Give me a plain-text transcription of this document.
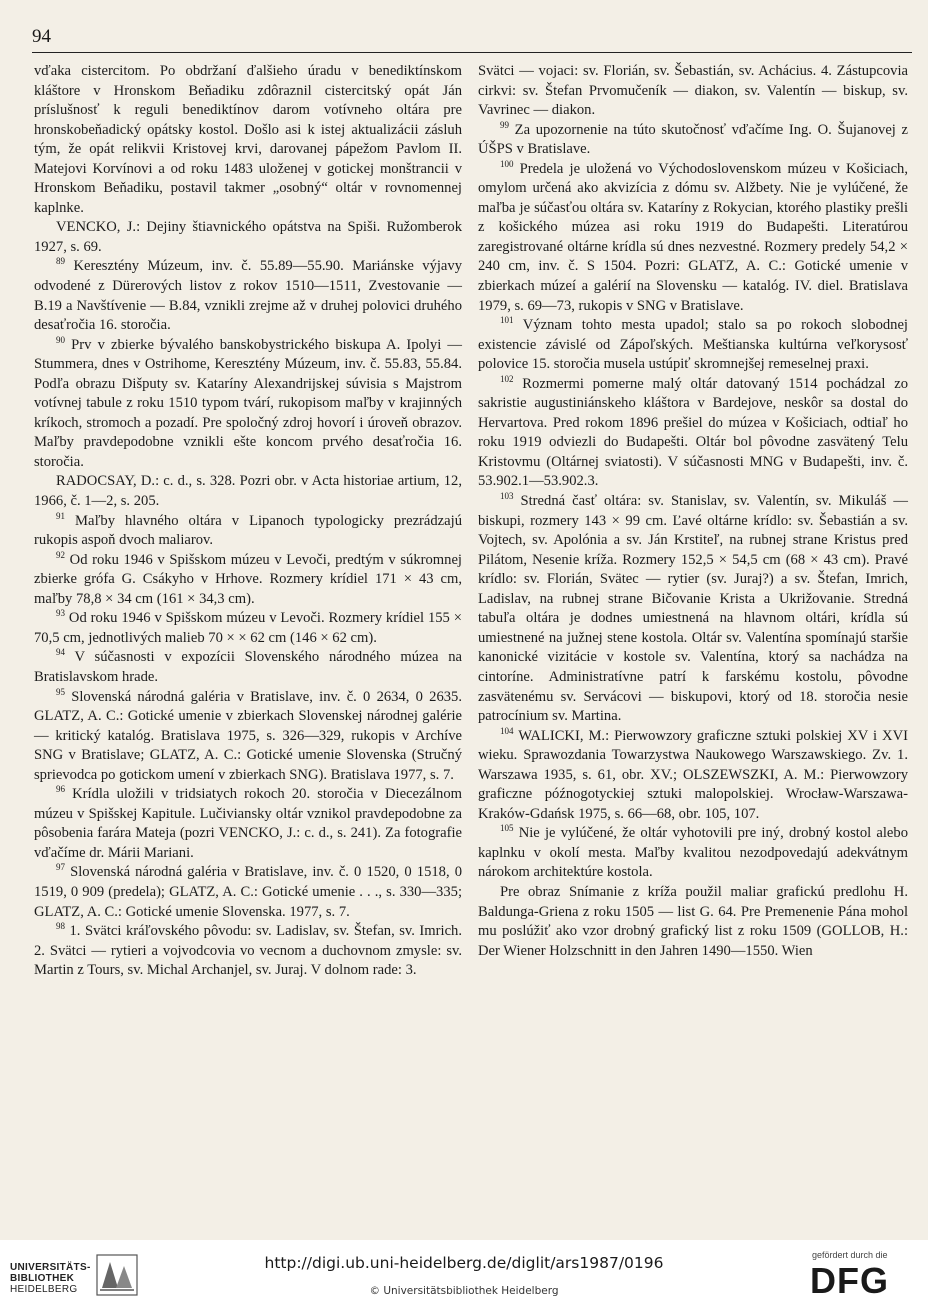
94

vďaka cistercitom. Po obdržaní ďalšieho úradu v benediktínskom kláštore v Hronskom Beňadiku zdôraznil cistercitský opát Ján príslušnosť k reguli benediktínov darom votívneho oltára pre hronskobeňadický opátsky kostol. Došlo asi k istej aktualizácii zásluh tým, že opát relikvii Kristovej krvi, darovanej pápežom Pavlom II. Matejovi Korvínovi a od roku 1483 uloženej v gotickej monštrancii v Hronskom Beňadiku, postavil takmer „osobný“ oltár v rovnomennej kaplnke.

VENCKO, J.: Dejiny štiavnického opátstva na Spiši. Ružomberok 1927, s. 69.

$^{89}$ Keresztény Múzeum, inv. č. 55.89—55.90. Mariánske výjavy odvodené z Dürerových listov z rokov 1510—1511, Zvestovanie — B.19 a Navštívenie — B.84, vznikli zrejme až v druhej polovici druhého desaťročia 16. storočia.

$^{90}$ Prv v zbierke bývalého banskobystrického biskupa A. Ipolyi — Stummera, dnes v Ostrihome, Keresztény Múzeum, inv. č. 55.83, 55.84. Podľa obrazu Dišputy sv. Kataríny Alexandrijskej súvisia s Majstrom votívnej tabule z roku 1510 typom tvárí, rukopisom maľby v krajinných kríkoch, stromoch a pozadí. Pre spoločný zdroj hovorí i úroveň obrazov. Maľby pravdepodobne vznikli ešte koncom prvého desaťročia 16. storočia.

RADOCSAY, D.: c. d., s. 328. Pozri obr. v Acta historiae artium, 12, 1966, č. 1—2, s. 205.

$^{91}$ Maľby hlavného oltára v Lipanoch typologicky prezrádzajú rukopis aspoň dvoch maliarov.

$^{92}$ Od roku 1946 v Spišskom múzeu v Levoči, predtým v súkromnej zbierke grófa G. Csákyho v Hrhove. Rozmery krídiel 171 × 43 cm, maľby 78,8 × 34 cm (161 × 34,3 cm).

$^{93}$ Od roku 1946 v Spišskom múzeu v Levoči. Rozmery krídiel 155 × 70,5 cm, jednotlivých malieb 70 × × 62 cm (146 × 62 cm).

$^{94}$ V súčasnosti v expozícii Slovenského národného múzea na Bratislavskom hrade.

$^{95}$ Slovenská národná galéria v Bratislave, inv. č. 0 2634, 0 2635. GLATZ, A. C.: Gotické umenie v zbierkach Slovenskej národnej galérie — kritický katalóg. Bratislava 1975, s. 326—329, rukopis v Archíve SNG v Bratislave; GLATZ, A. C.: Gotické umenie Slovenska (Stručný sprievodca po gotickom umení v zbierkach SNG). Bratislava 1977, s. 7.

$^{96}$ Krídla uložili v tridsiatych rokoch 20. storočia v Diecezálnom múzeu v Spišskej Kapitule. Lučiviansky oltár vznikol pravdepodobne za pôsobenia farára Mateja (pozri VENCKO, J.: c. d., s. 241). Za fotografie vďačíme dr. Márii Mariani.

$^{97}$ Slovenská národná galéria v Bratislave, inv. č. 0 1520, 0 1518, 0 1519, 0 909 (predela); GLATZ, A. C.: Gotické umenie . . ., s. 330—335; GLATZ, A. C.: Gotické umenie Slovenska. 1977, s. 7.

$^{98}$ 1. Svätci kráľovského pôvodu: sv. Ladislav, sv. Štefan, sv. Imrich. 2. Svätci — rytieri a vojvodcovia vo vecnom a duchovnom zmysle: sv. Martin z Tours, sv. Michal Archanjel, sv. Juraj. V dolnom rade: 3.

Svätci — vojaci: sv. Florián, sv. Šebastián, sv. Achácius. 4. Zástupcovia cirkvi: sv. Štefan Prvomučeník — diakon, sv. Valentín — biskup, sv. Vavrinec — diakon.

$^{99}$ Za upozornenie na túto skutočnosť vďačíme Ing. O. Šujanovej z ÚŠPS v Bratislave.

$^{100}$ Predela je uložená vo Východoslovenskom múzeu v Košiciach, omylom určená ako akvizícia z dómu sv. Alžbety. Nie je vylúčené, že maľba je súčasťou oltára sv. Kataríny z Rokycian, ktorého plastiky prešli z košického múzea asi roku 1919 do Budapešti. Literatúrou zaregistrované oltárne krídla sú dnes nezvestné. Rozmery predely 54,2 × 240 cm, inv. č. S 1504. Pozri: GLATZ, A. C.: Gotické umenie v zbierkach múzeí a galérií na Slovensku — katalóg. IV. diel. Bratislava 1979, s. 69—73, rukopis v SNG v Bratislave.

$^{101}$ Význam tohto mesta upadol; stalo sa po rokoch slobodnej existencie závislé od Zápoľských. Meštianska kultúrna veľkorysosť polovice 15. storočia musela ustúpiť skromnejšej remeselnej praxi.

$^{102}$ Rozmermi pomerne malý oltár datovaný 1514 pochádzal zo sakristie augustiniánskeho kláštora v Bardejove, neskôr sa dostal do Hervartova. Pred rokom 1896 prešiel do múzea v Košiciach, odtiaľ ho roku 1919 odviezli do Budapešti. Oltár bol pôvodne zasvätený Telu Kristovmu (Oltárnej sviatosti). V súčasnosti MNG v Budapešti, inv. č. 53.902.1—53.902.3.

$^{103}$ Stredná časť oltára: sv. Stanislav, sv. Valentín, sv. Mikuláš — biskupi, rozmery 143 × 99 cm. Ľavé oltárne krídlo: sv. Šebastián a sv. Vojtech, sv. Apolónia a sv. Ján Krstiteľ, na rubnej strane Kristus pred Pilátom, Nesenie kríža. Rozmery 152,5 × 54,5 cm (68 × 43 cm). Pravé krídlo: sv. Florián, Svätec — rytier (sv. Juraj?) a sv. Štefan, Imrich, Ladislav, na rubnej strane Bičovanie Krista a Ukrižovanie. Stredná tabuľa oltára je dodnes umiestnená na hlavnom oltári, krídla sú umiestnené na južnej stene kostola. Oltár sv. Valentína spomínajú staršie kanonické vizitácie v kostole sv. Valentína, ktorý sa nachádza na cintoríne. Administratívne patrí k farskému kostolu, pôvodne zasvätenému sv. Servácovi — biskupovi, ktorý od 18. storočia nesie patrocínium sv. Martina.

$^{104}$ WALICKI, M.: Pierwowzory graficzne sztuki polskiej XV i XVI wieku. Sprawozdania Towarzystwa Naukowego Warszawskiego. Zv. 1. Warszawa 1935, s. 61, obr. XV.; OLSZEWSZKI, A. M.: Pierwowzory graficzne późnogotyckiej sztuki malopolskiej. Wrocław-Warszawa-Kraków-Gdańsk 1975, s. 66—68, obr. 105, 107.

$^{105}$ Nie je vylúčené, že oltár vyhotovili pre iný, drobný kostol alebo kaplnku v okolí mesta. Maľby kvalitou nezodpovedajú adekvátnym nárokom architektúre kostola.

Pre obraz Snímanie z kríža použil maliar grafickú predlohu H. Baldunga-Griena z roku 1505 — list G. 64. Pre Premenenie Pána mohol mu poslúžiť ako vzor drobný grafický list z roku 1509 (GOLLOB, H.: Der Wiener Holzschnitt in den Jahren 1490—1550. Wien

UNIVERSITÄTS-
BIBLIOTHEK
HEIDELBERG
http://digi.ub.uni-heidelberg.de/diglit/ars1987/0196
© Universitätsbibliothek Heidelberg
gefördert durch die
DFG
